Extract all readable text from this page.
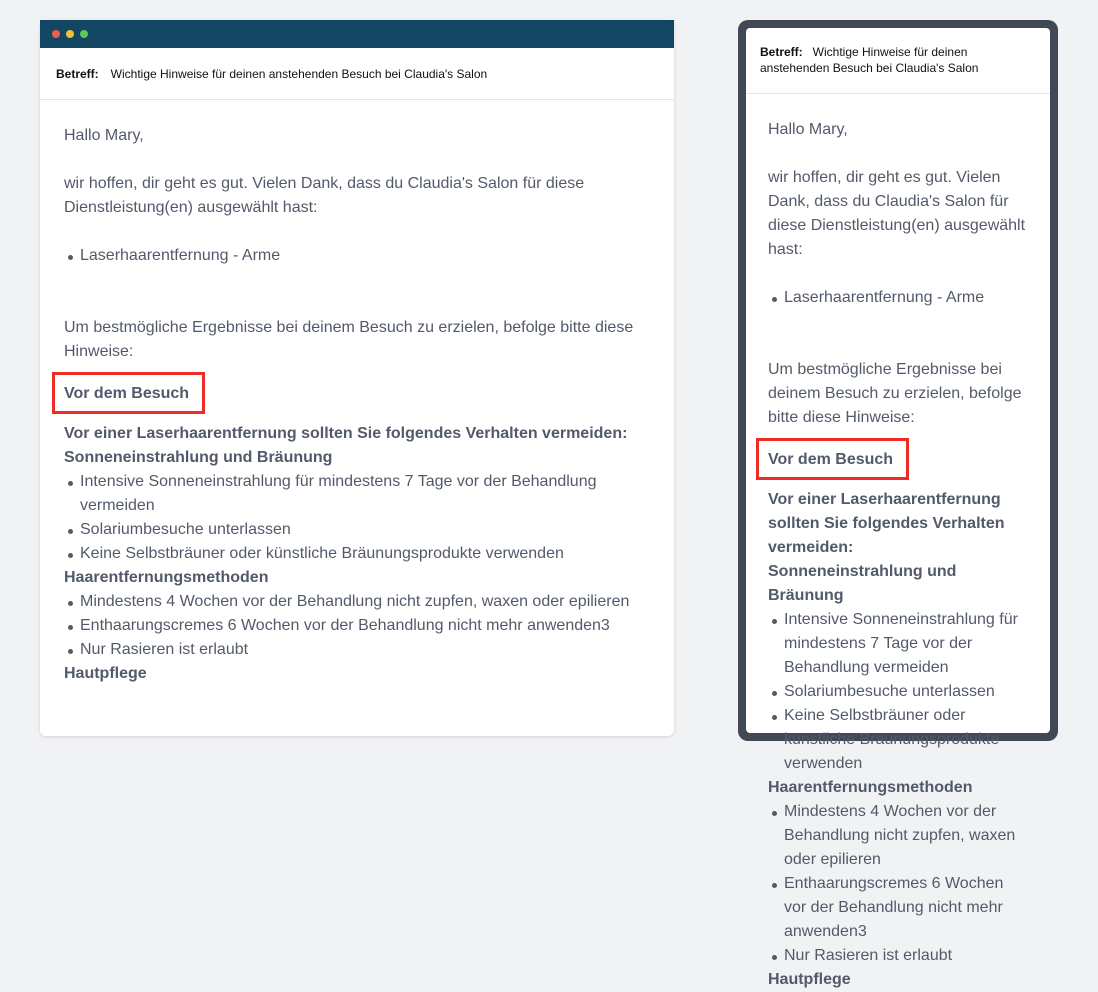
Betreff: Wichtige Hinweise für deinen anstehenden Besuch bei Claudia's Salon

Hallo Mary,

wir hoffen, dir geht es gut. Vielen Dank, dass du Claudia's Salon für diese Dienstleistung(en) ausgewählt hast:

Laserhaarentfernung - Arme

Um bestmögliche Ergebnisse bei deinem Besuch zu erzielen, befolge bitte diese Hinweise:

Vor dem Besuch

Vor einer Laserhaarentfernung sollten Sie folgendes Verhalten vermeiden:

Sonneneinstrahlung und Bräunung

Intensive Sonneneinstrahlung für mindestens 7 Tage vor der Behandlung vermeiden
Solariumbesuche unterlassen
Keine Selbstbräuner oder künstliche Bräunungsprodukte verwenden

Haarentfernungsmethoden

Mindestens 4 Wochen vor der Behandlung nicht zupfen, waxen oder epilieren
Enthaarungscremes 6 Wochen vor der Behandlung nicht mehr anwenden3
Nur Rasieren ist erlaubt

Hautpflege

Betreff: Wichtige Hinweise für deinen anstehenden Besuch bei Claudia's Salon

Hallo Mary,

wir hoffen, dir geht es gut. Vielen Dank, dass du Claudia's Salon für diese Dienstleistung(en) ausgewählt hast:

Laserhaarentfernung - Arme

Um bestmögliche Ergebnisse bei deinem Besuch zu erzielen, befolge bitte diese Hinweise:

Vor dem Besuch

Vor einer Laserhaarentfernung sollten Sie folgendes Verhalten vermeiden:

Sonneneinstrahlung und Bräunung

Intensive Sonneneinstrahlung für mindestens 7 Tage vor der Behandlung vermeiden
Solariumbesuche unterlassen
Keine Selbstbräuner oder künstliche Bräunungsprodukte verwenden

Haarentfernungsmethoden

Mindestens 4 Wochen vor der Behandlung nicht zupfen, waxen oder epilieren
Enthaarungscremes 6 Wochen vor der Behandlung nicht mehr anwenden3
Nur Rasieren ist erlaubt

Hautpflege
